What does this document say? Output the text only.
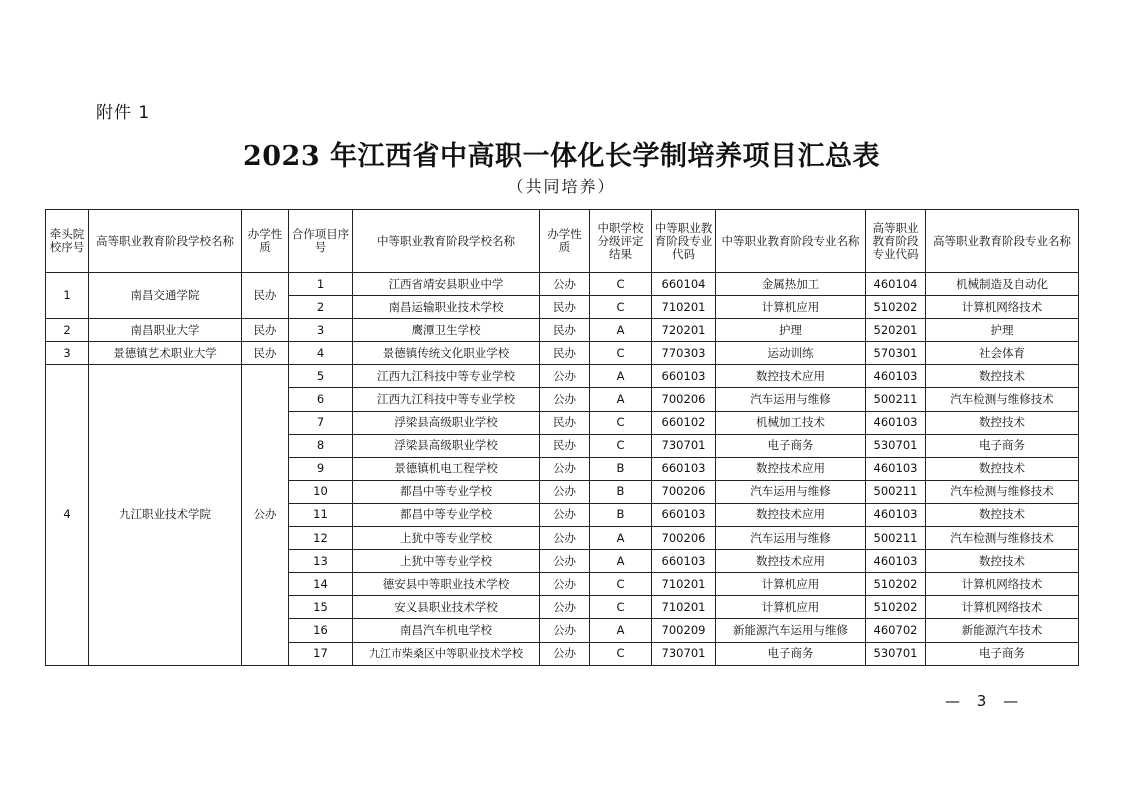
附件 1
2023 年江西省中高职一体化长学制培养项目汇总表
（共同培养）
牵头院校序号	高等职业教育阶段学校名称	办学性质	合作项目序号	中等职业教育阶段学校名称	办学性质	中职学校分级评定结果	中等职业教育阶段专业代码	中等职业教育阶段专业名称	高等职业教育阶段专业代码	高等职业教育阶段专业名称
1	南昌交通学院	民办	1	江西省靖安县职业中学	公办	C	660104	金属热加工	460104	机械制造及自动化
			2	南昌运输职业技术学校	民办	C	710201	计算机应用	510202	计算机网络技术
2	南昌职业大学	民办	3	鹰潭卫生学校	民办	A	720201	护理	520201	护理
3	景德镇艺术职业大学	民办	4	景德镇传统文化职业学校	民办	C	770303	运动训练	570301	社会体育
4	九江职业技术学院	公办	5	江西九江科技中等专业学校	公办	A	660103	数控技术应用	460103	数控技术
			6	江西九江科技中等专业学校	公办	A	700206	汽车运用与维修	500211	汽车检测与维修技术
			7	浮梁县高级职业学校	民办	C	660102	机械加工技术	460103	数控技术
			8	浮梁县高级职业学校	民办	C	730701	电子商务	530701	电子商务
			9	景德镇机电工程学校	公办	B	660103	数控技术应用	460103	数控技术
			10	都昌中等专业学校	公办	B	700206	汽车运用与维修	500211	汽车检测与维修技术
			11	都昌中等专业学校	公办	B	660103	数控技术应用	460103	数控技术
			12	上犹中等专业学校	公办	A	700206	汽车运用与维修	500211	汽车检测与维修技术
			13	上犹中等专业学校	公办	A	660103	数控技术应用	460103	数控技术
			14	德安县中等职业技术学校	公办	C	710201	计算机应用	510202	计算机网络技术
			15	安义县职业技术学校	公办	C	710201	计算机应用	510202	计算机网络技术
			16	南昌汽车机电学校	公办	A	700209	新能源汽车运用与维修	460702	新能源汽车技术
			17	九江市柴桑区中等职业技术学校	公办	C	730701	电子商务	530701	电子商务
— 3 —
